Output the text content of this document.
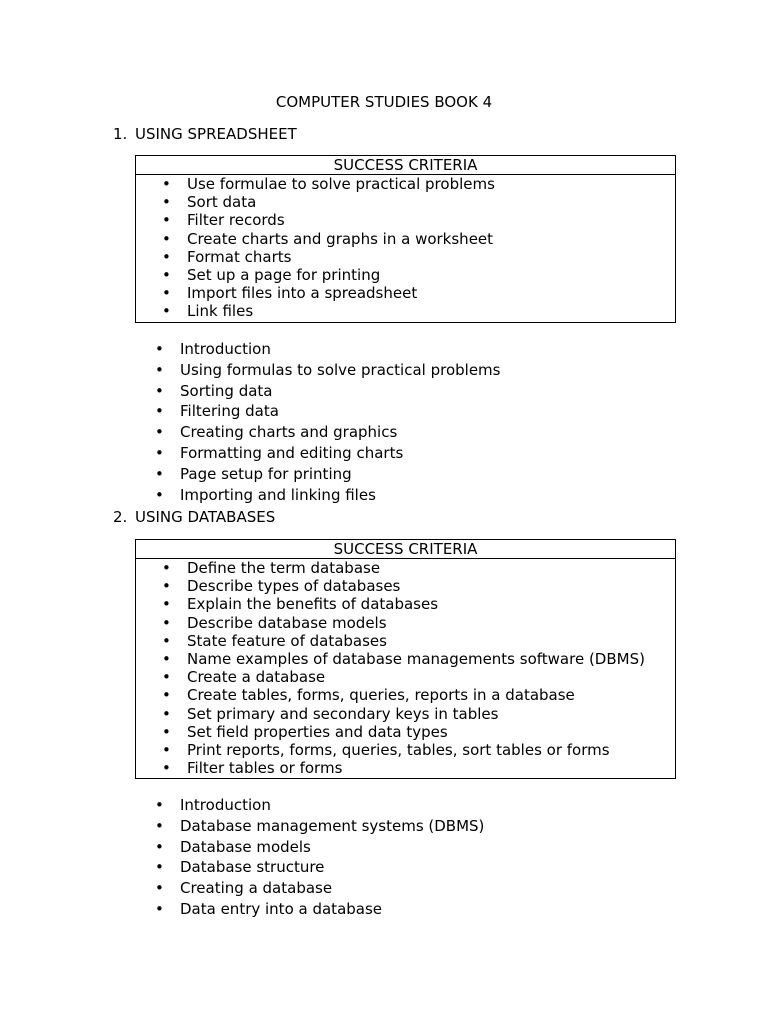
COMPUTER STUDIES BOOK 4
1. USING SPREADSHEET
SUCCESS CRITERIA
• Use formulae to solve practical problems
• Sort data
• Filter records
• Create charts and graphs in a worksheet
• Format charts
• Set up a page for printing
• Import files into a spreadsheet
• Link files
• Introduction
• Using formulas to solve practical problems
• Sorting data
• Filtering data
• Creating charts and graphics
• Formatting and editing charts
• Page setup for printing
• Importing and linking files
2. USING DATABASES
SUCCESS CRITERIA
• Define the term database
• Describe types of databases
• Explain the benefits of databases
• Describe database models
• State feature of databases
• Name examples of database managements software (DBMS)
• Create a database
• Create tables, forms, queries, reports in a database
• Set primary and secondary keys in tables
• Set field properties and data types
• Print reports, forms, queries, tables, sort tables or forms
• Filter tables or forms
• Introduction
• Database management systems (DBMS)
• Database models
• Database structure
• Creating a database
• Data entry into a database
